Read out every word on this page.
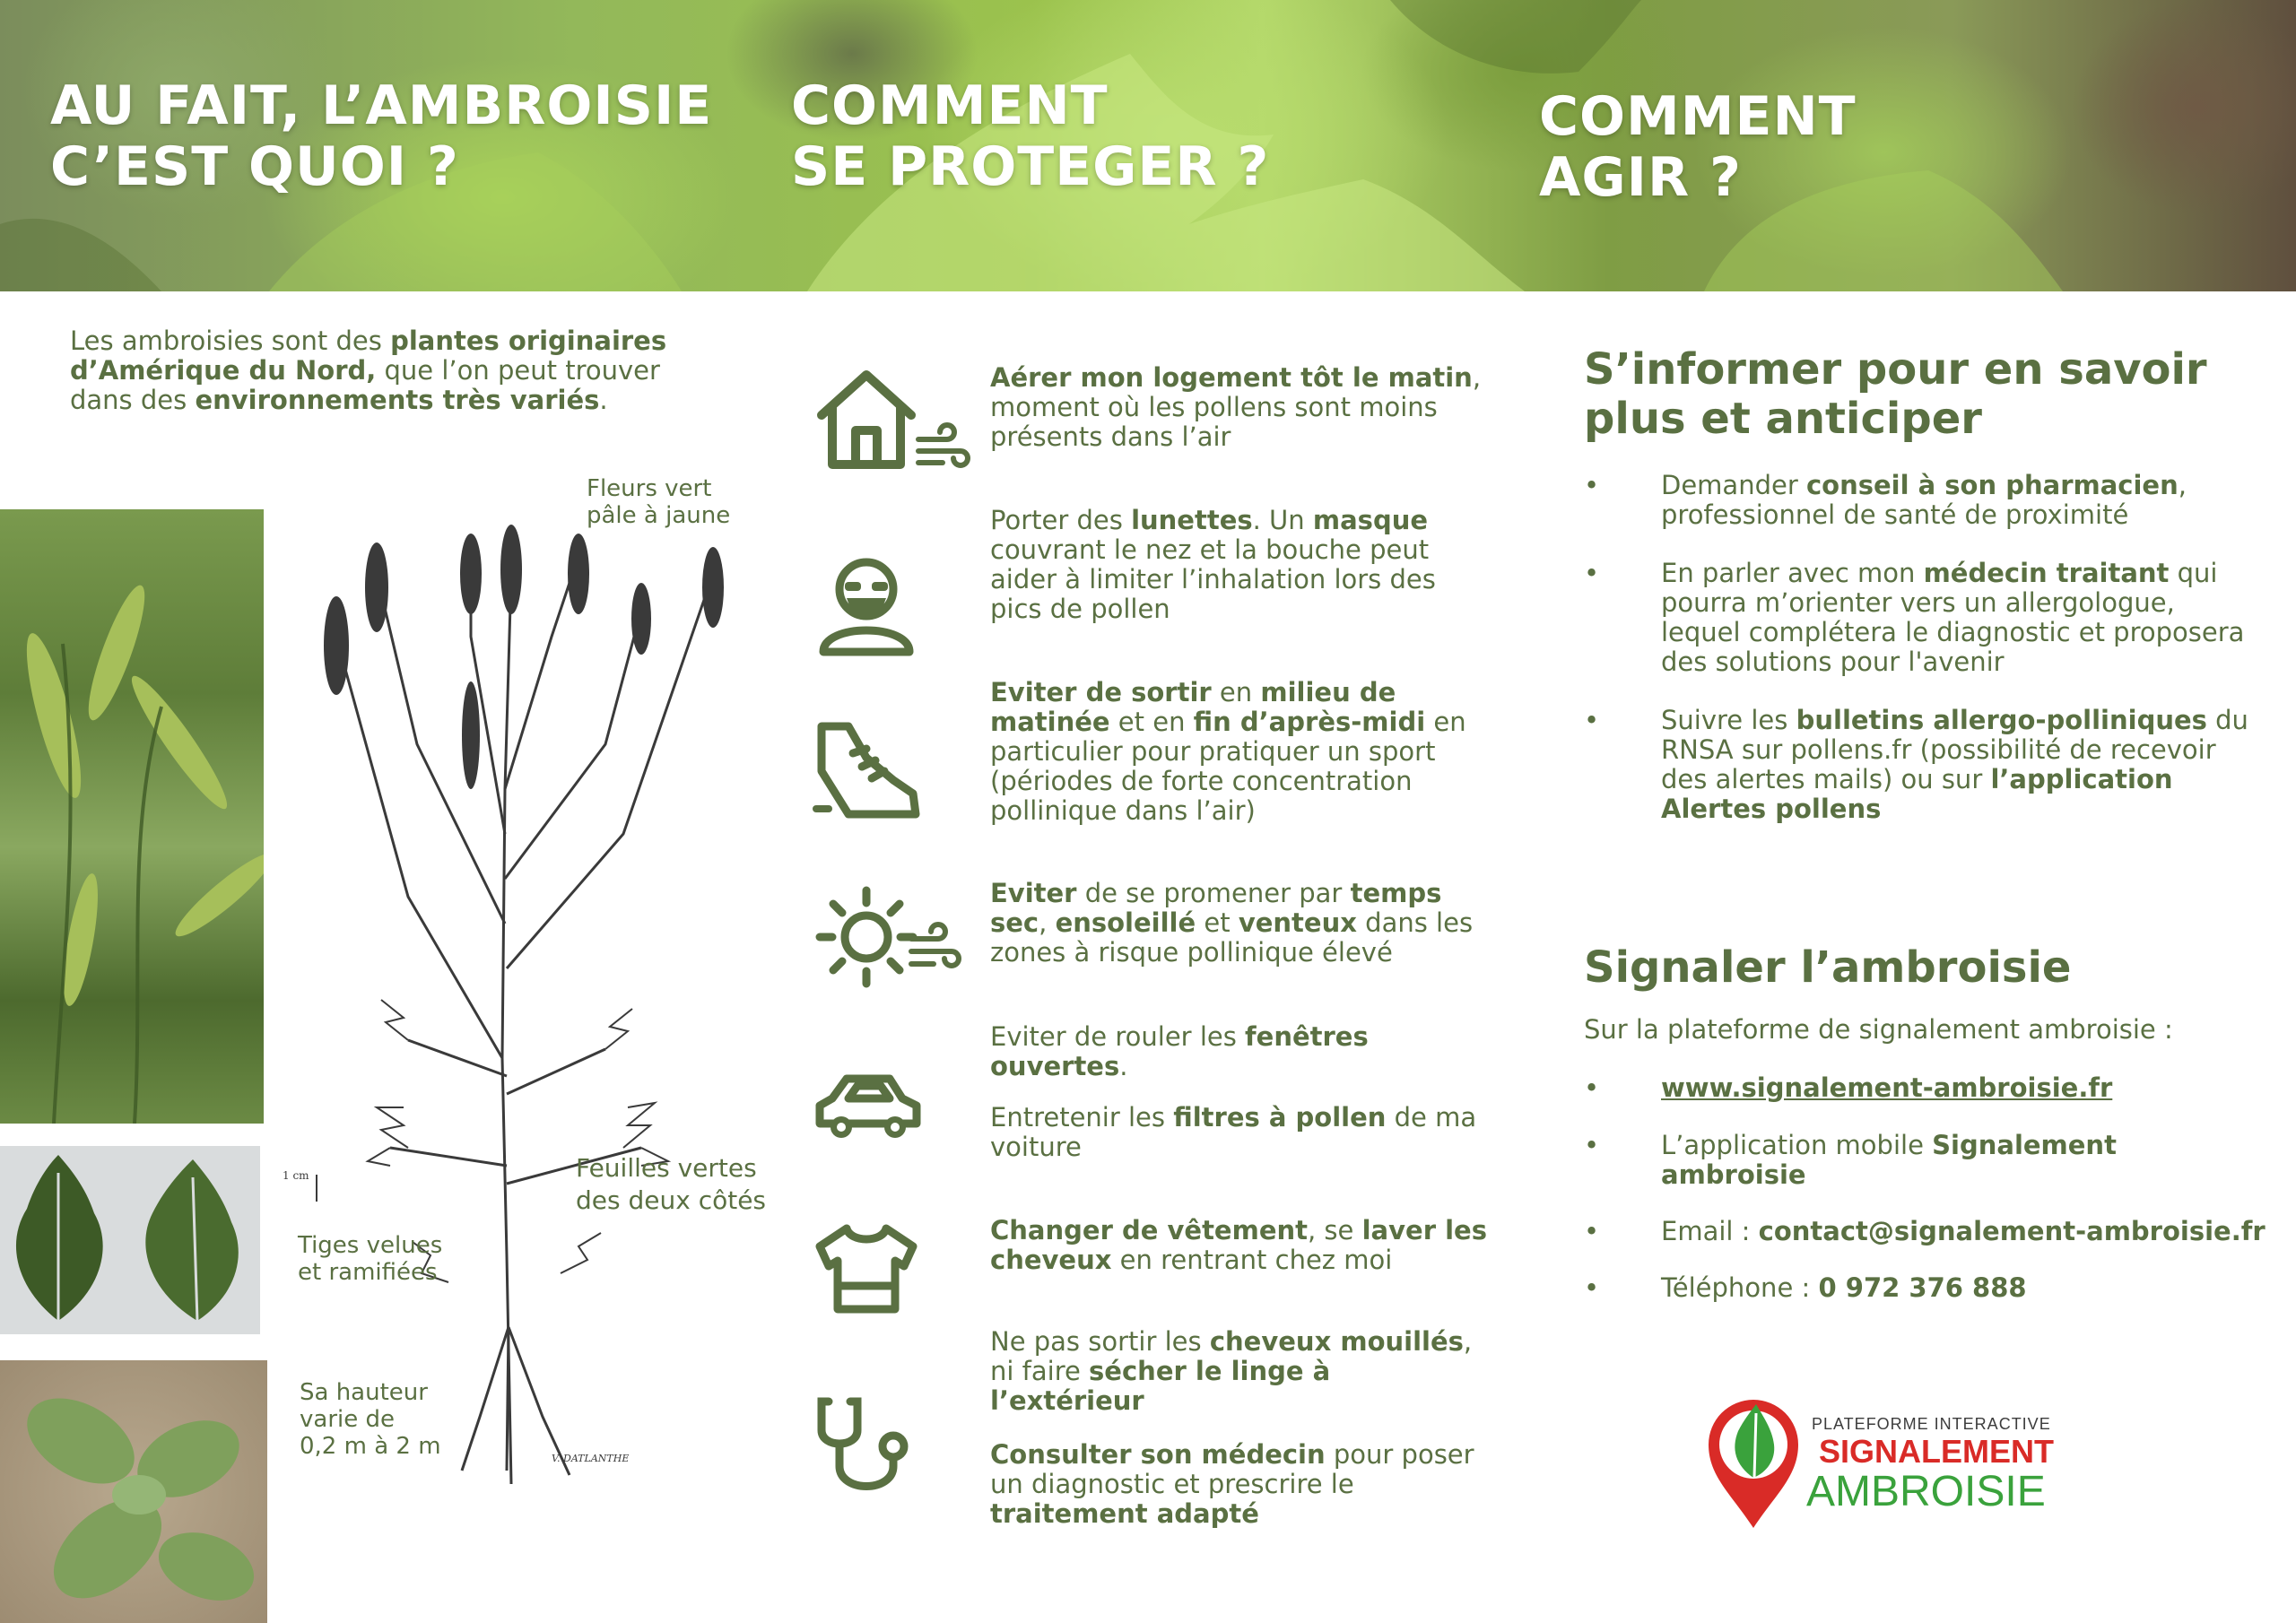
AU FAIT, L’AMBROISIE
C’EST QUOI ?
COMMENT
SE PROTEGER ?
COMMENT
AGIR ?

Les ambroisies sont des plantes originaires d’Amérique du Nord, que l’on peut trouver dans des environnements très variés.

1 cm
V. DATLANTHE
Fleurs vert
pâle à jaune
Feuilles vertes
des deux côtés
Tiges velues
et ramifiées
Sa hauteur
varie de
0,2 m à 2 m

Aérer mon logement tôt le matin, moment où les pollens sont moins présents dans l’air

Porter des lunettes. Un masque couvrant le nez et la bouche peut aider à limiter l’inhalation lors des pics de pollen

Eviter de sortir en milieu de matinée et en fin d’après-midi en particulier pour pratiquer un sport (périodes de forte concentration pollinique dans l’air)

Eviter de se promener par temps sec, ensoleillé et venteux dans les zones à risque pollinique élevé

Eviter de rouler les fenêtres ouvertes.

Entretenir les filtres à pollen de ma voiture

Changer de vêtement, se laver les cheveux en rentrant chez moi

Ne pas sortir les cheveux mouillés, ni faire sécher le linge à l’extérieur

Consulter son médecin pour poser un diagnostic et prescrire le traitement adapté

S’informer pour en savoir plus et anticiper
• Demander conseil à son pharmacien, professionnel de santé de proximité

• En parler avec mon médecin traitant qui pourra m’orienter vers un allergologue, lequel complétera le diagnostic et proposera des solutions pour l'avenir

• Suivre les bulletins allergo-polliniques du RNSA sur pollens.fr (possibilité de recevoir des alertes mails) ou sur l’application Alertes pollens

Signaler l’ambroisie
Sur la plateforme de signalement ambroisie :
• www.signalement-ambroisie.fr
• L’application mobile Signalement ambroisie

• Email : contact@signalement-ambroisie.fr

• Téléphone : 0 972 376 888

PLATEFORME INTERACTIVE
SIGNALEMENT
AMBROISIE
